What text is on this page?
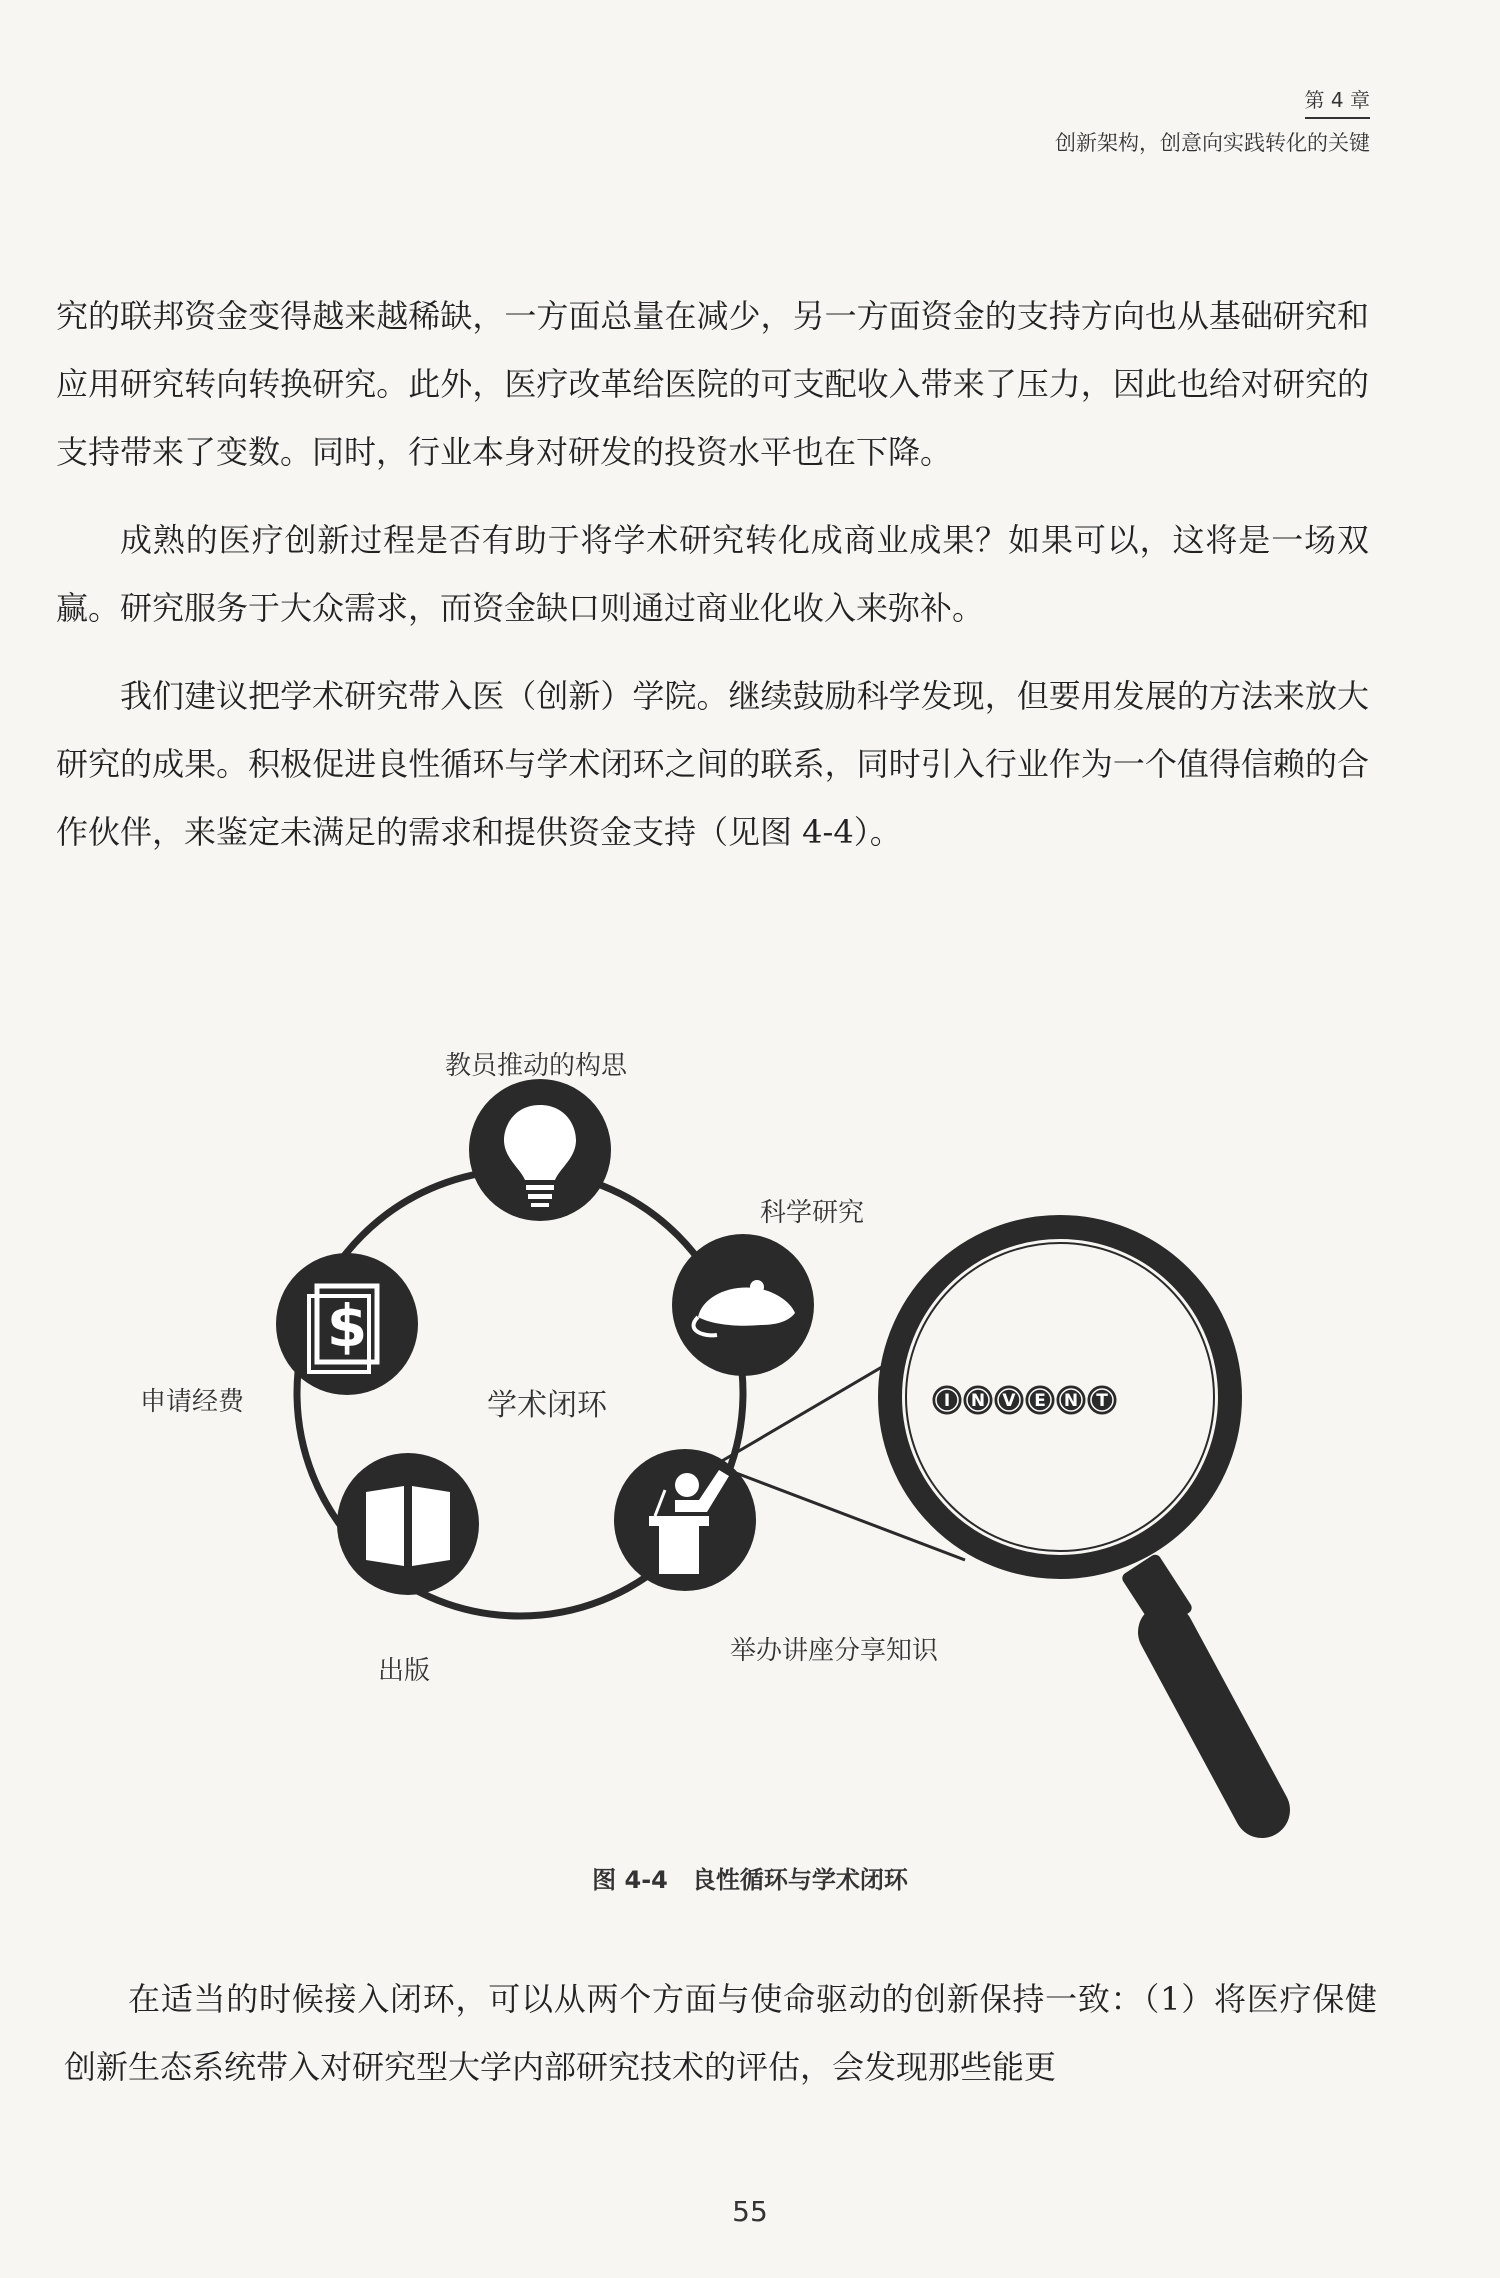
第 4 章
创新架构，创意向实践转化的关键

究的联邦资金变得越来越稀缺，一方面总量在减少，另一方面资金的支持方向也从基础研究和应用研究转向转换研究。此外，医疗改革给医院的可支配收入带来了压力，因此也给对研究的支持带来了变数。同时，行业本身对研发的投资水平也在下降。

成熟的医疗创新过程是否有助于将学术研究转化成商业成果？如果可以，这将是一场双赢。研究服务于大众需求，而资金缺口则通过商业化收入来弥补。

我们建议把学术研究带入医（创新）学院。继续鼓励科学发现，但要用发展的方法来放大研究的成果。积极促进良性循环与学术闭环之间的联系，同时引入行业作为一个值得信赖的合作伙伴，来鉴定未满足的需求和提供资金支持（见图 4-4）。

$
I N V E N T
教员推动的构思
科学研究
申请经费	学术闭环
出版
举办讲座分享知识
图 4-4　良性循环与学术闭环

在适当的时候接入闭环，可以从两个方面与使命驱动的创新保持一致：（1）将医疗保健创新生态系统带入对研究型大学内部研究技术的评估，会发现那些能更

55
